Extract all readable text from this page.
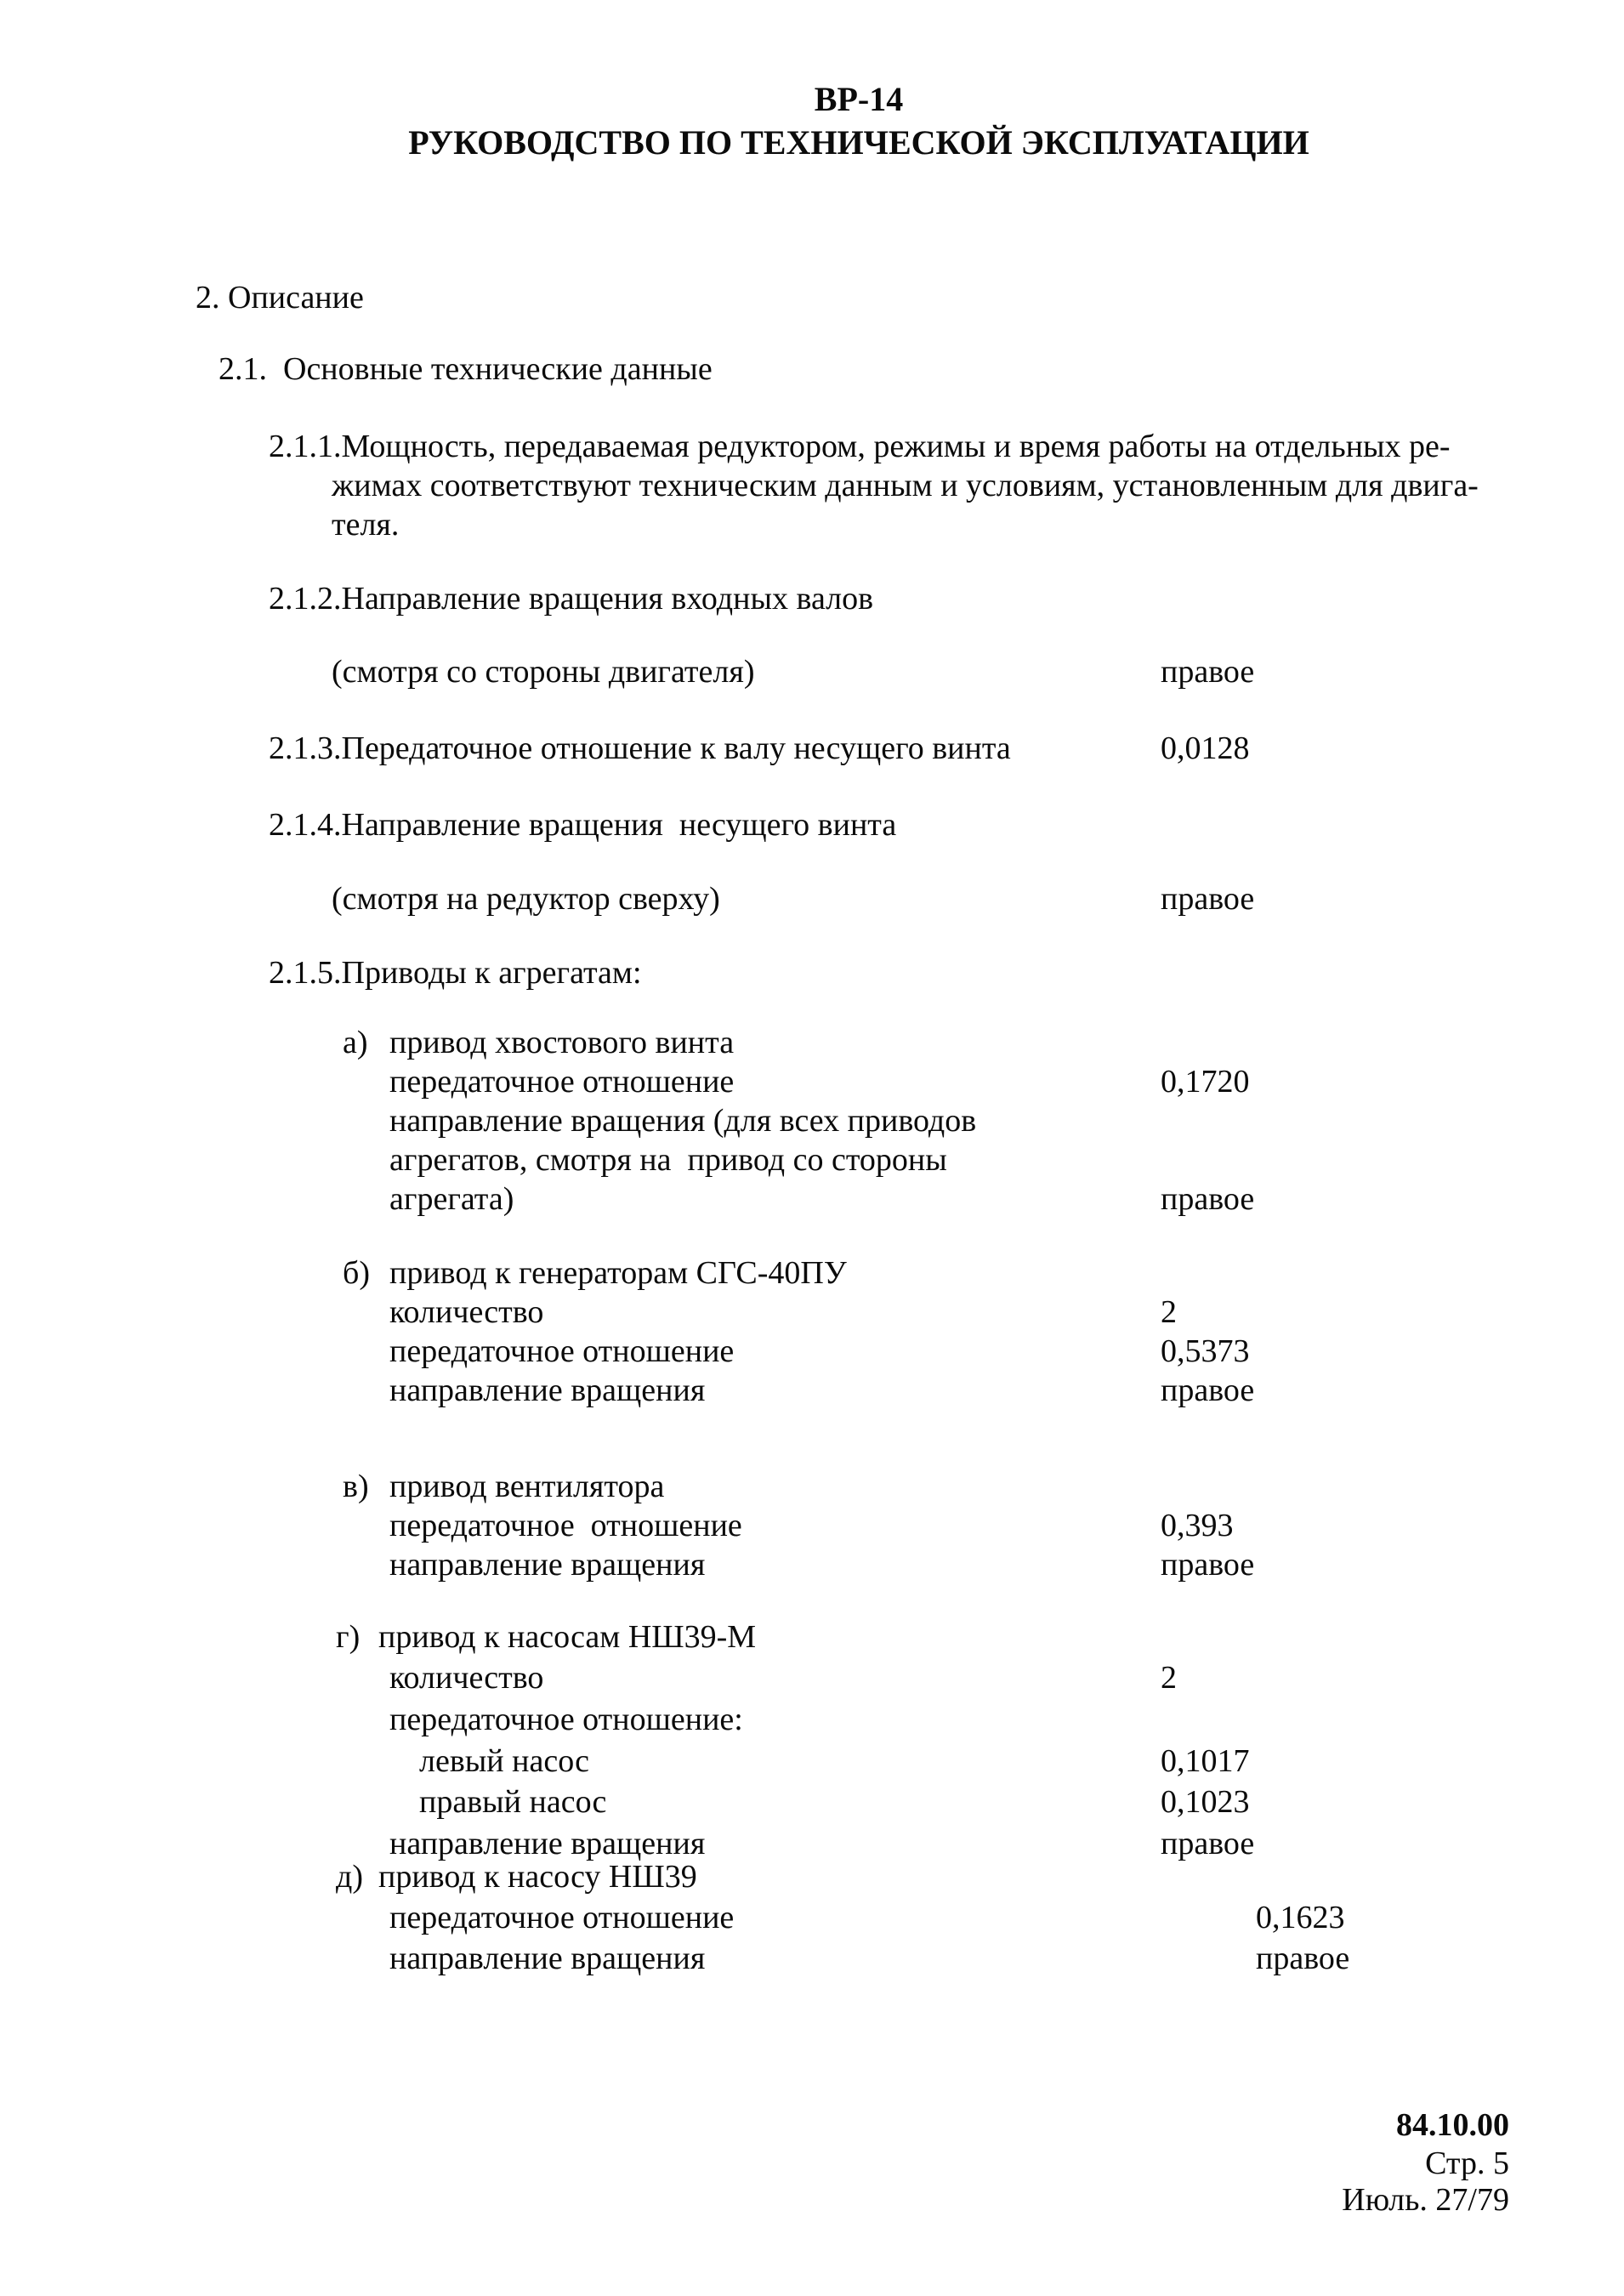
ВР-14
РУКОВОДСТВО ПО ТЕХНИЧЕСКОЙ ЭКСПЛУАТАЦИИ
2. Описание
2.1.  Основные технические данные
2.1.1.Мощность, передаваемая редуктором, режимы и время работы на отдельных ре-
жимах соответствуют техническим данным и условиям, установленным для двига-
теля.
2.1.2.Направление вращения входных валов
(смотря со стороны двигателя)	правое
2.1.3.Передаточное отношение к валу несущего винта	0,0128
2.1.4.Направление вращения  несущего винта
(смотря на редуктор сверху)	правое
2.1.5.Приводы к агрегатам:
а) привод хвостового винта
передаточное отношение	0,1720
направление вращения (для всех приводов
агрегатов, смотря на  привод со стороны
агрегата)	правое
б) привод к генераторам СГС-40ПУ
количество	2
передаточное отношение	0,5373
направление вращения	правое
в) привод вентилятора
передаточное  отношение	0,393
направление вращения	правое
г) привод к насосам НШ39-М
количество	2
передаточное отношение:
левый насос	0,1017
правый насос	0,1023
направление вращения	правое
д) привод к насосу НШ39
передаточное отношение	0,1623
направление вращения	правое
84.10.00
Стр. 5
Июль. 27/79
